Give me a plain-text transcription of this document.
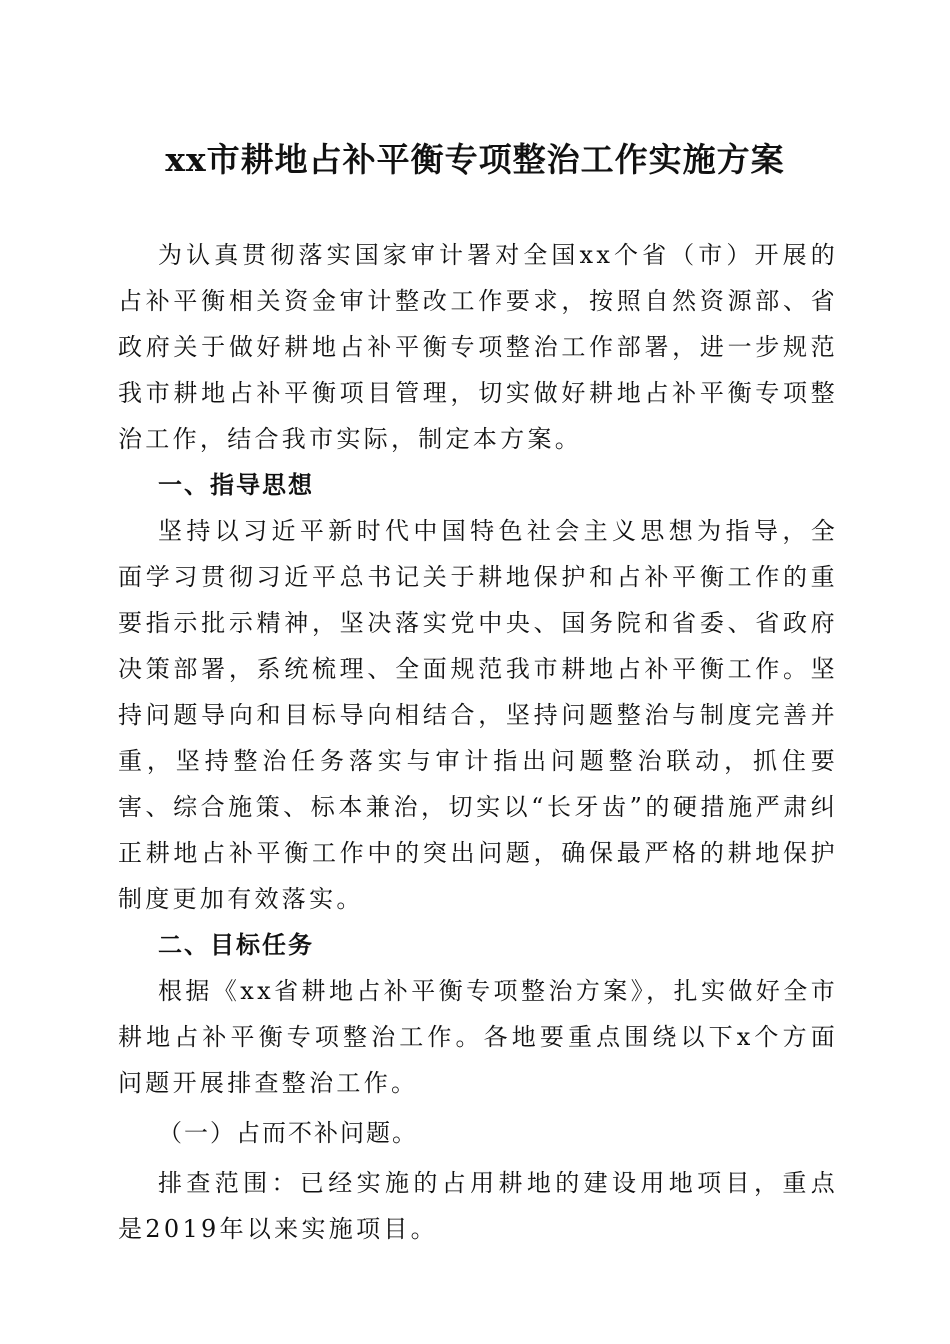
xx市耕地占补平衡专项整治工作实施方案

为认真贯彻落实国家审计署对全国xx个省（市）开展的占补平衡相关资金审计整改工作要求，按照自然资源部、省政府关于做好耕地占补平衡专项整治工作部署，进一步规范我市耕地占补平衡项目管理，切实做好耕地占补平衡专项整治工作，结合我市实际，制定本方案。

一、指导思想

坚持以习近平新时代中国特色社会主义思想为指导，全面学习贯彻习近平总书记关于耕地保护和占补平衡工作的重要指示批示精神，坚决落实党中央、国务院和省委、省政府决策部署，系统梳理、全面规范我市耕地占补平衡工作。坚持问题导向和目标导向相结合，坚持问题整治与制度完善并重，坚持整治任务落实与审计指出问题整治联动，抓住要害、综合施策、标本兼治，切实以“长牙齿”的硬措施严肃纠正耕地占补平衡工作中的突出问题，确保最严格的耕地保护制度更加有效落实。

二、目标任务

根据《xx省耕地占补平衡专项整治方案》，扎实做好全市耕地占补平衡专项整治工作。各地要重点围绕以下x个方面问题开展排查整治工作。

（一）占而不补问题。

排查范围：已经实施的占用耕地的建设用地项目，重点是2019年以来实施项目。
